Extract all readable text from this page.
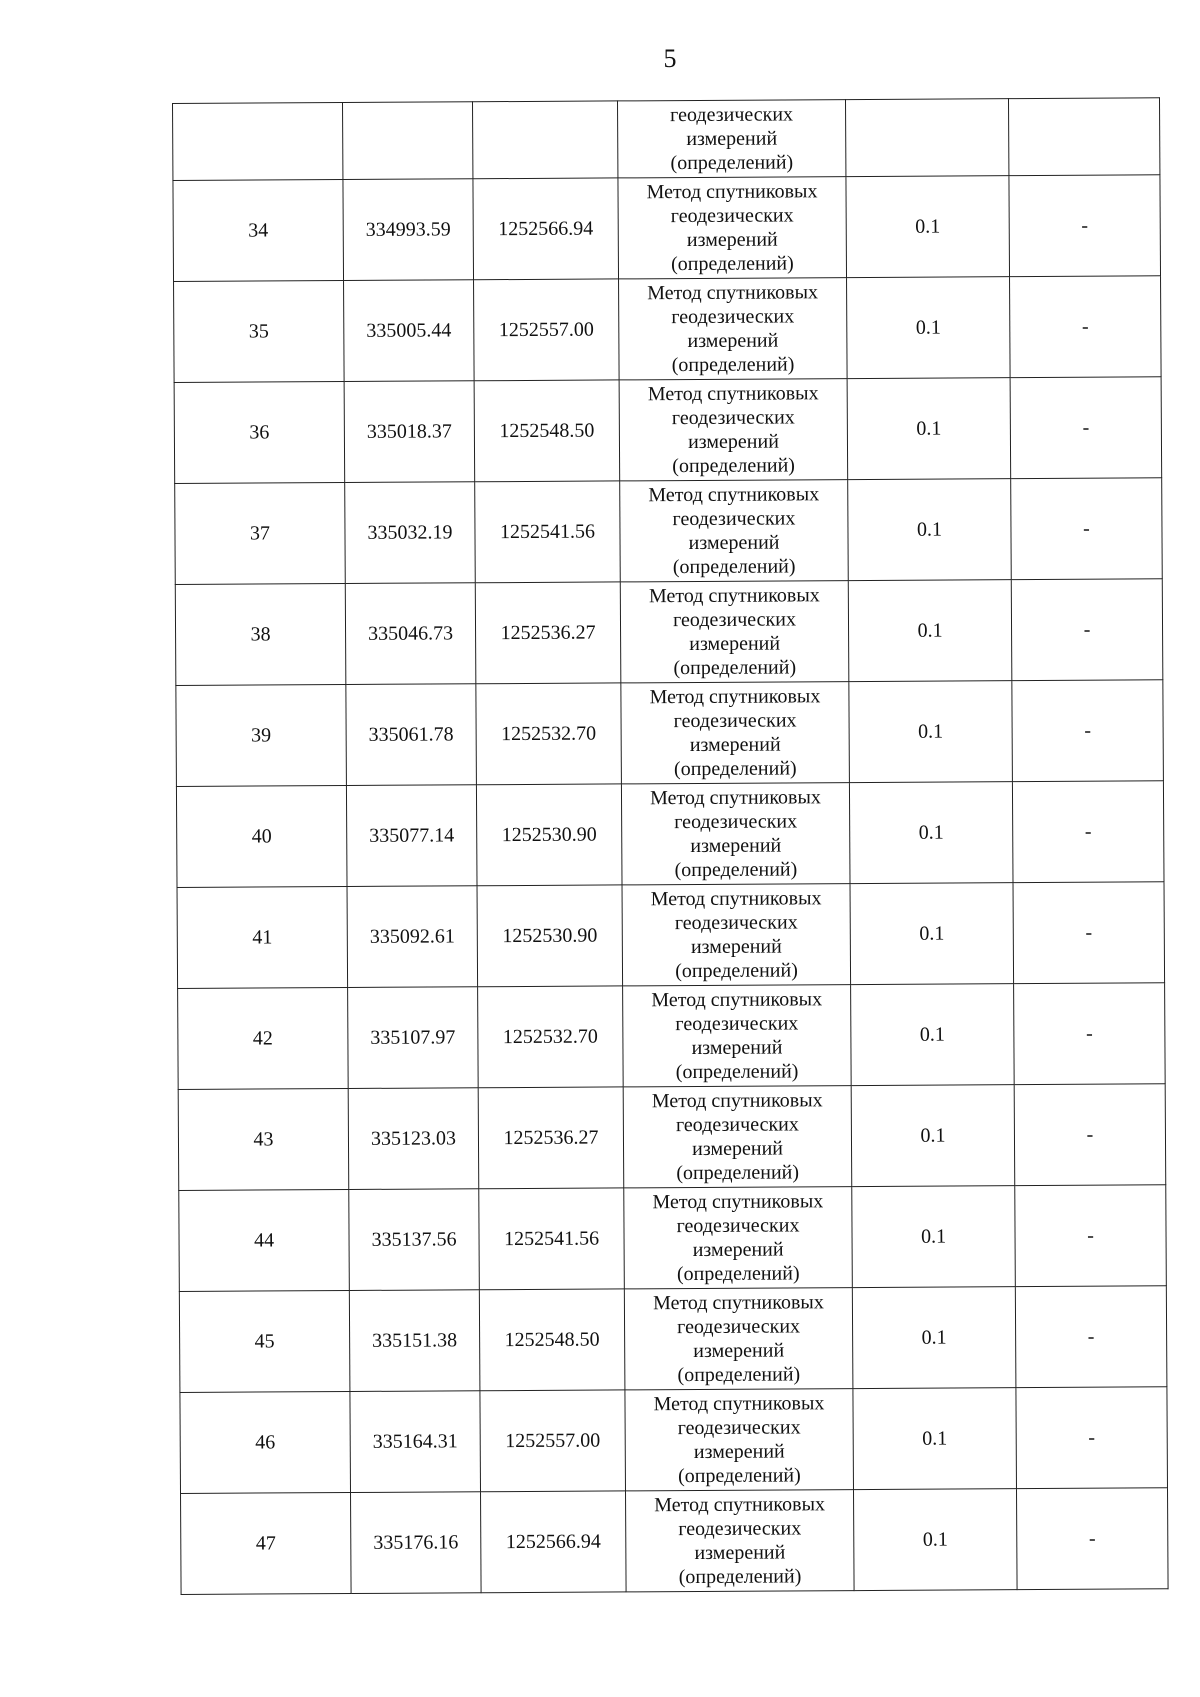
5
			геодезических
измерений
(определений)		
34	334993.59	1252566.94	Метод спутниковых
геодезических
измерений
(определений)	0.1	-
35	335005.44	1252557.00	Метод спутниковых
геодезических
измерений
(определений)	0.1	-
36	335018.37	1252548.50	Метод спутниковых
геодезических
измерений
(определений)	0.1	-
37	335032.19	1252541.56	Метод спутниковых
геодезических
измерений
(определений)	0.1	-
38	335046.73	1252536.27	Метод спутниковых
геодезических
измерений
(определений)	0.1	-
39	335061.78	1252532.70	Метод спутниковых
геодезических
измерений
(определений)	0.1	-
40	335077.14	1252530.90	Метод спутниковых
геодезических
измерений
(определений)	0.1	-
41	335092.61	1252530.90	Метод спутниковых
геодезических
измерений
(определений)	0.1	-
42	335107.97	1252532.70	Метод спутниковых
геодезических
измерений
(определений)	0.1	-
43	335123.03	1252536.27	Метод спутниковых
геодезических
измерений
(определений)	0.1	-
44	335137.56	1252541.56	Метод спутниковых
геодезических
измерений
(определений)	0.1	-
45	335151.38	1252548.50	Метод спутниковых
геодезических
измерений
(определений)	0.1	-
46	335164.31	1252557.00	Метод спутниковых
геодезических
измерений
(определений)	0.1	-
47	335176.16	1252566.94	Метод спутниковых
геодезических
измерений
(определений)	0.1	-
